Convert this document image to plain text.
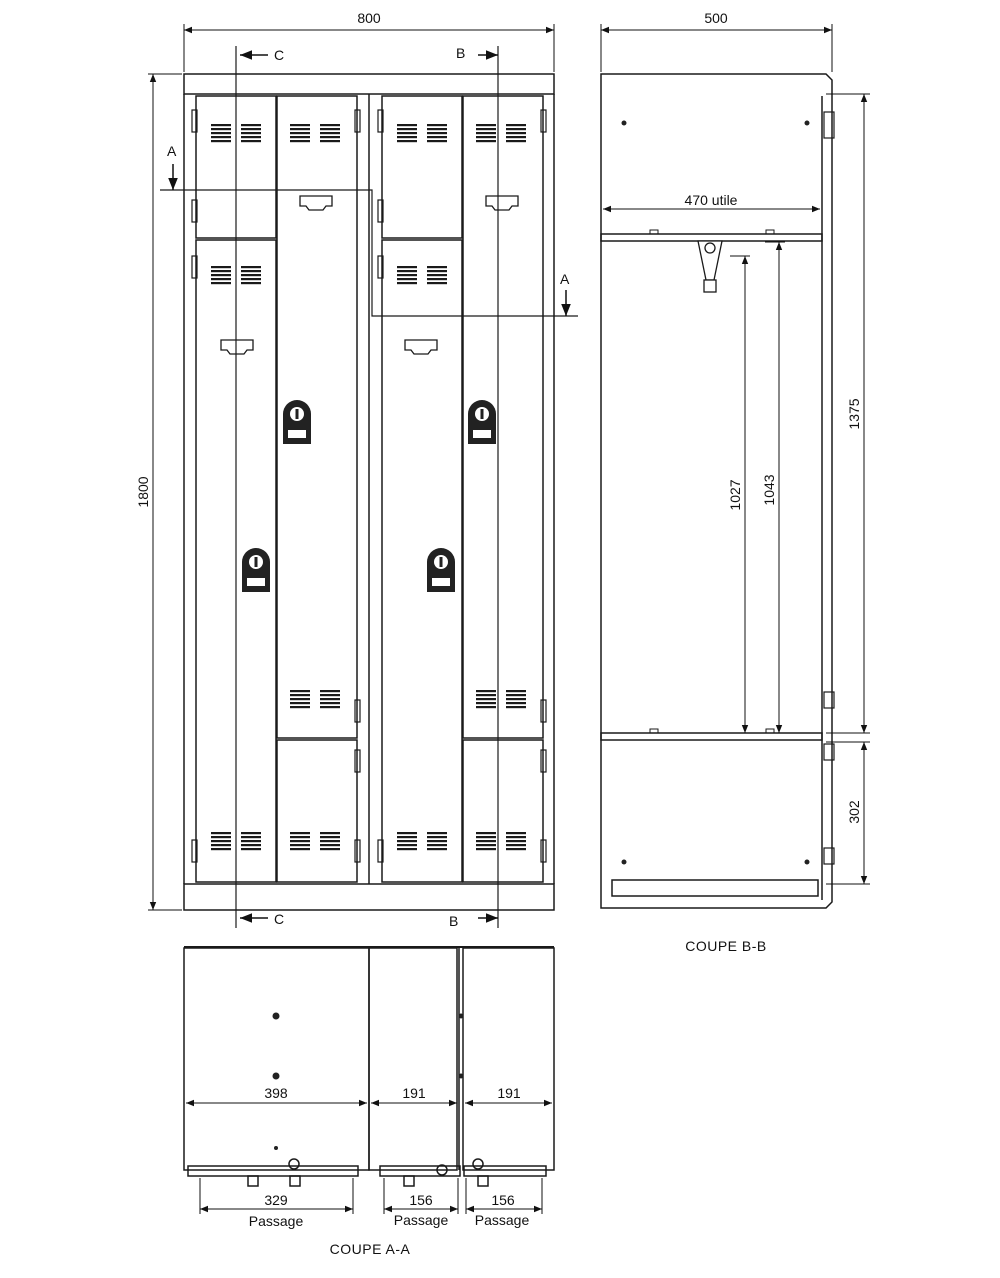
C	B
C	B
A
A
800
1800
500
470 utile
1027 1043
1375
302
COUPE B-B
398	191	191
329	156	156
Passage	Passage Passage
COUPE A-A
